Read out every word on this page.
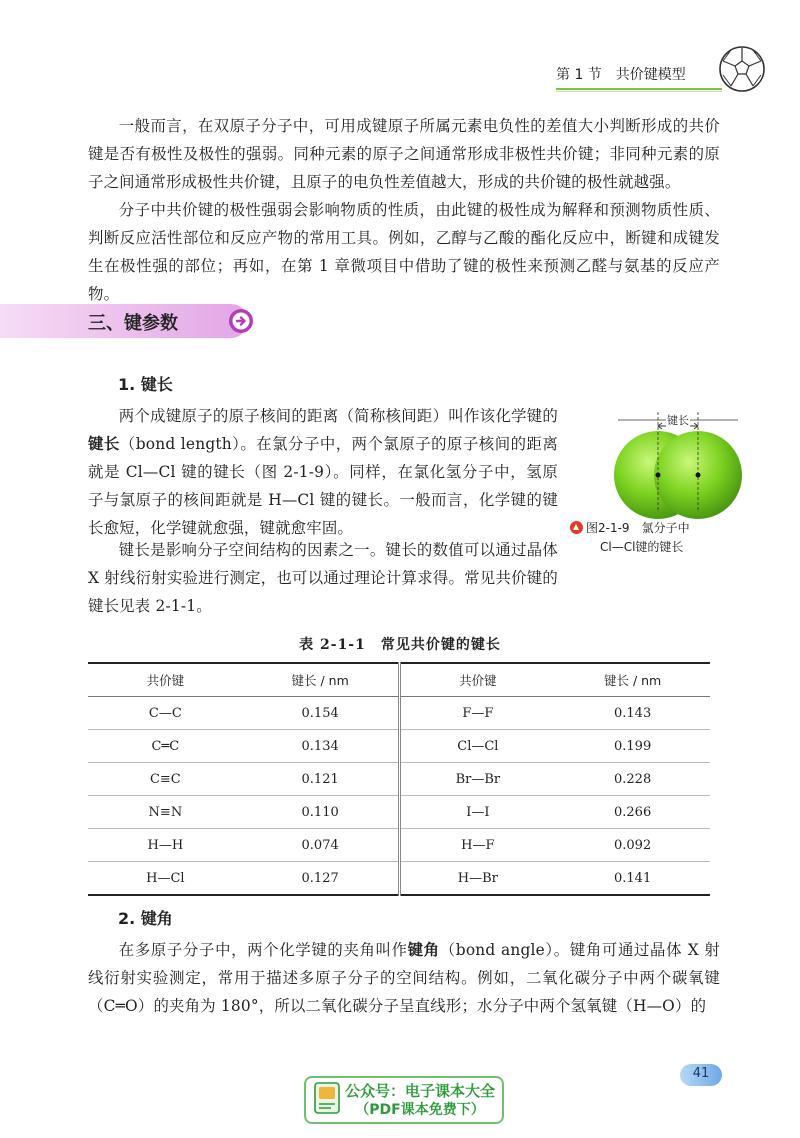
第 1 节　共价键模型

一般而言，在双原子分子中，可用成键原子所属元素电负性的差值大小判断形成的共价键是否有极性及极性的强弱。同种元素的原子之间通常形成非极性共价键；非同种元素的原子之间通常形成极性共价键，且原子的电负性差值越大，形成的共价键的极性就越强。

分子中共价键的极性强弱会影响物质的性质，由此键的极性成为解释和预测物质性质、判断反应活性部位和反应产物的常用工具。例如，乙醇与乙酸的酯化反应中，断键和成键发生在极性强的部位；再如，在第 1 章微项目中借助了键的极性来预测乙醛与氨基的反应产物。

三、键参数
1. 键长

两个成键原子的原子核间的距离（简称核间距）叫作该化学键的键长（bond length）。在氯分子中，两个氯原子的原子核间的距离就是 Cl—Cl 键的键长（图 2-1-9）。同样，在氯化氢分子中，氢原子与氯原子的核间距就是 H—Cl 键的键长。一般而言，化学键的键长愈短，化学键就愈强，键就愈牢固。

键长是影响分子空间结构的因素之一。键长的数值可以通过晶体 X 射线衍射实验进行测定，也可以通过理论计算求得。常见共价键的键长见表 2-1-1。

键长
图2-1-9　氯分子中
Cl—Cl键的键长
表 2-1-1　常见共价键的键长
共价键	键长 / nm	共价键	键长 / nm
C—C	0.154	F—F	0.143
C═C	0.134	Cl—Cl	0.199
C≡C	0.121	Br—Br	0.228
N≡N	0.110	I—I	0.266
H—H	0.074	H—F	0.092
H—Cl	0.127	H—Br	0.141
2. 键角

在多原子分子中，两个化学键的夹角叫作键角（bond angle）。键角可通过晶体 X 射线衍射实验测定，常用于描述多原子分子的空间结构。例如，二氧化碳分子中两个碳氧键（C═O）的夹角为 180°，所以二氧化碳分子呈直线形；水分子中两个氢氧键（H—O）的

41
公众号：电子课本大全
（PDF课本免费下）
